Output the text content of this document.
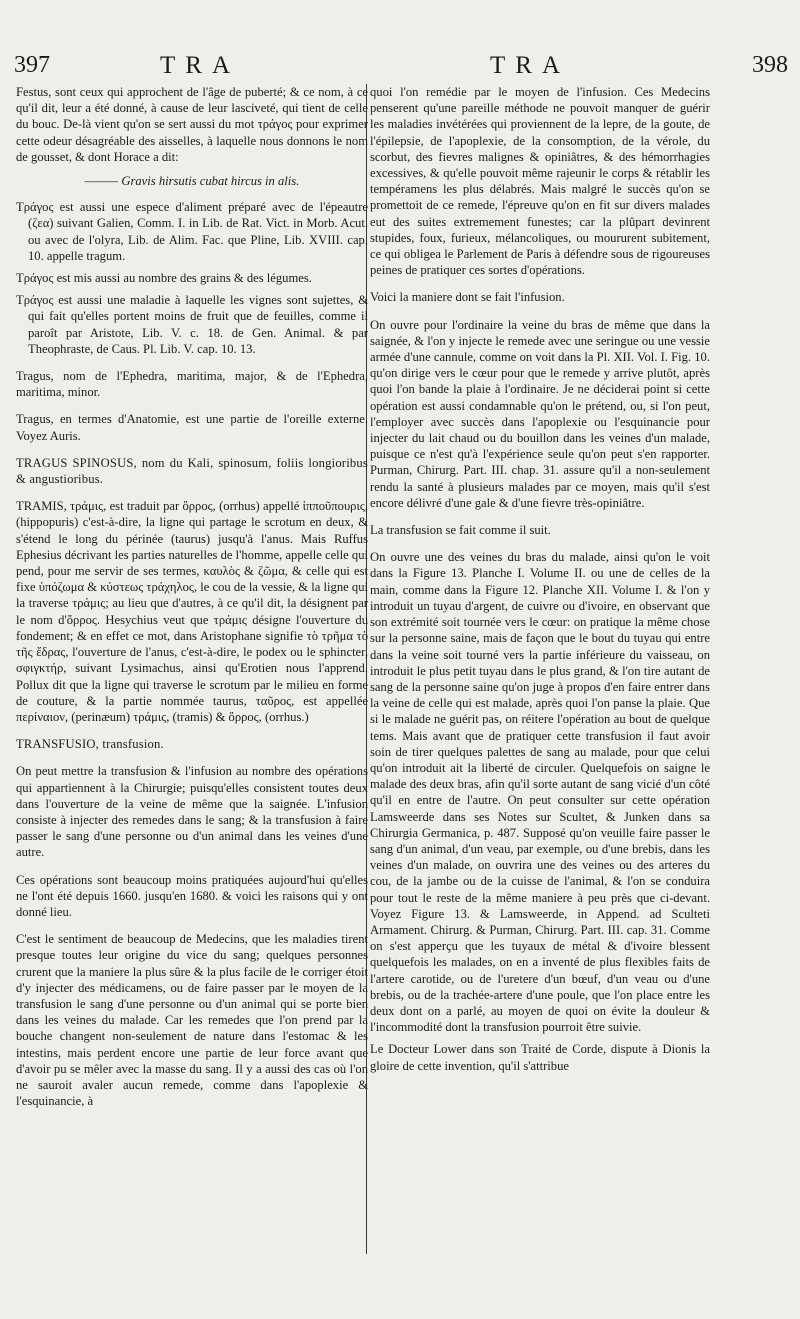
397	TRA	TRA	398

Festus, sont ceux qui approchent de l'âge de puberté; & ce nom, à ce qu'il dit, leur a été donné, à cause de leur lasciveté, qui tient de celle du bouc. De-là vient qu'on se sert aussi du mot τράγος pour exprimer cette odeur désagréable des aisselles, à laquelle nous donnons le nom de gousset, & dont Horace a dit:

——— Gravis hirsutis cubat hircus in alis.

Τράγος est aussi une espece d'aliment préparé avec de l'épeautre (ζεα) suivant Galien, Comm. I. in Lib. de Rat. Vict. in Morb. Acut. ou avec de l'olyra, Lib. de Alim. Fac. que Pline, Lib. XVIII. cap. 10. appelle tragum.

Τράγος est mis aussi au nombre des grains & des légumes.

Τράγος est aussi une maladie à laquelle les vignes sont sujettes, & qui fait qu'elles portent moins de fruit que de feuilles, comme il paroît par Aristote, Lib. V. c. 18. de Gen. Animal. & par Theophraste, de Caus. Pl. Lib. V. cap. 10. 13.

Tragus, nom de l'Ephedra, maritima, major, & de l'Ephedra, maritima, minor.

Tragus, en termes d'Anatomie, est une partie de l'oreille externe. Voyez Auris.

TRAGUS SPINOSUS, nom du Kali, spinosum, foliis longioribus & angustioribus.

TRAMIS, τράμις, est traduit par ὄρρος, (orrhus) appellé ἱπποῦπουρις, (hippopuris) c'est-à-dire, la ligne qui partage le scrotum en deux, & s'étend le long du périnée (taurus) jusqu'à l'anus. Mais Ruffus Ephesius décrivant les parties naturelles de l'homme, appelle celle qui pend, pour me servir de ses termes, καυλὸς & ζῶμα, & celle qui est fixe ὑπόζωμα & κύστεως τράχηλος, le cou de la vessie, & la ligne qui la traverse τράμις; au lieu que d'autres, à ce qu'il dit, la désignent par le nom d'ὄρρος. Hesychius veut que τράμις désigne l'ouverture du fondement; & en effet ce mot, dans Aristophane signifie τὸ τρῆμα τὸ τῆς ἕδρας, l'ouverture de l'anus, c'est-à-dire, le podex ou le sphincter, σφιγκτήρ, suivant Lysimachus, ainsi qu'Erotien nous l'apprend. Pollux dit que la ligne qui traverse le scrotum par le milieu en forme de couture, & la partie nommée taurus, ταῦρος, est appellée περίναιον, (perinæum) τράμις, (tramis) & ὄρρος, (orrhus.)

TRANSFUSIO, transfusion.

On peut mettre la transfusion & l'infusion au nombre des opérations qui appartiennent à la Chirurgie; puisqu'elles consistent toutes deux dans l'ouverture de la veine de même que la saignée. L'infusion consiste à injecter des remedes dans le sang; & la transfusion à faire passer le sang d'une personne ou d'un animal dans les veines d'une autre.

Ces opérations sont beaucoup moins pratiquées aujourd'hui qu'elles ne l'ont été depuis 1660. jusqu'en 1680. & voici les raisons qui y ont donné lieu.

C'est le sentiment de beaucoup de Medecins, que les maladies tirent presque toutes leur origine du vice du sang; quelques personnes crurent que la maniere la plus sûre & la plus facile de le corriger étoit d'y injecter des médicamens, ou de faire passer par le moyen de la transfusion le sang d'une personne ou d'un animal qui se porte bien dans les veines du malade. Car les remedes que l'on prend par la bouche changent non-seulement de nature dans l'estomac & les intestins, mais perdent encore une partie de leur force avant que d'avoir pu se mêler avec la masse du sang. Il y a aussi des cas où l'on ne sauroit avaler aucun remede, comme dans l'apoplexie & l'esquinancie, à

quoi l'on remédie par le moyen de l'infusion. Ces Medecins penserent qu'une pareille méthode ne pouvoit manquer de guérir les maladies invétérées qui proviennent de la lepre, de la goute, de l'épilepsie, de l'apoplexie, de la consomption, de la vérole, du scorbut, des fievres malignes & opiniâtres, & des hémorrhagies excessives, & qu'elle pouvoit même rajeunir le corps & rétablir les tempéramens les plus délabrés. Mais malgré le succès qu'on se promettoit de ce remede, l'épreuve qu'on en fit sur divers malades eut des suites extremement funestes; car la plûpart devinrent stupides, foux, furieux, mélancoliques, ou moururent subitement, ce qui obligea le Parlement de Paris à défendre sous de rigoureuses peines de pratiquer ces sortes d'opérations.

Voici la maniere dont se fait l'infusion.

On ouvre pour l'ordinaire la veine du bras de même que dans la saignée, & l'on y injecte le remede avec une seringue ou une vessie armée d'une cannule, comme on voit dans la Pl. XII. Vol. I. Fig. 10. qu'on dirige vers le cœur pour que le remede y arrive plutôt, après quoi l'on bande la plaie à l'ordinaire. Je ne déciderai point si cette opération est aussi condamnable qu'on le prétend, ou, si l'on peut, l'employer avec succès dans l'apoplexie ou l'esquinancie pour injecter du lait chaud ou du bouillon dans les veines d'un malade, puisque ce n'est qu'à l'expérience seule qu'on peut s'en rapporter. Purman, Chirurg. Part. III. chap. 31. assure qu'il a non-seulement rendu la santé à plusieurs malades par ce moyen, mais qu'il s'est encore délivré d'une gale & d'une fievre très-opiniâtre.

La transfusion se fait comme il suit.

On ouvre une des veines du bras du malade, ainsi qu'on le voit dans la Figure 13. Planche I. Volume II. ou une de celles de la main, comme dans la Figure 12. Planche XII. Volume I. & l'on y introduit un tuyau d'argent, de cuivre ou d'ivoire, en observant que son extrémité soit tournée vers le cœur: on pratique la même chose sur la personne saine, mais de façon que le bout du tuyau qui entre dans la veine soit tourné vers la partie inférieure du vaisseau, on introduit le plus petit tuyau dans le plus grand, & l'on tire autant de sang de la personne saine qu'on juge à propos d'en faire entrer dans la veine de celle qui est malade, après quoi l'on panse la plaie. Que si le malade ne guérit pas, on réitere l'opération au bout de quelque tems. Mais avant que de pratiquer cette transfusion il faut avoir soin de tirer quelques palettes de sang au malade, pour que celui qu'on introduit ait la liberté de circuler. Quelquefois on saigne le malade des deux bras, afin qu'il sorte autant de sang vicié d'un côté qu'il en entre de l'autre. On peut consulter sur cette opération Lamsweerde dans ses Notes sur Scultet, & Junken dans sa Chirurgia Germanica, p. 487. Supposé qu'on veuille faire passer le sang d'un animal, d'un veau, par exemple, ou d'une brebis, dans les veines d'un malade, on ouvrira une des veines ou des arteres du cou, de la jambe ou de la cuisse de l'animal, & l'on se conduira pour tout le reste de la même maniere à peu près que ci-devant. Voyez Figure 13. & Lamsweerde, in Append. ad Sculteti Armament. Chirurg. & Purman, Chirurg. Part. III. cap. 31. Comme on s'est apperçu que les tuyaux de métal & d'ivoire blessent quelquefois les malades, on en a inventé de plus flexibles faits de l'artere carotide, ou de l'uretere d'un bœuf, d'un veau ou d'une brebis, ou de la trachée-artere d'une poule, que l'on place entre les deux dont on a parlé, au moyen de quoi on évite la douleur & l'incommodité dont la transfusion pourroit être suivie.

Le Docteur Lower dans son Traité de Corde, dispute à Dionis la gloire de cette invention, qu'il s'attribue
